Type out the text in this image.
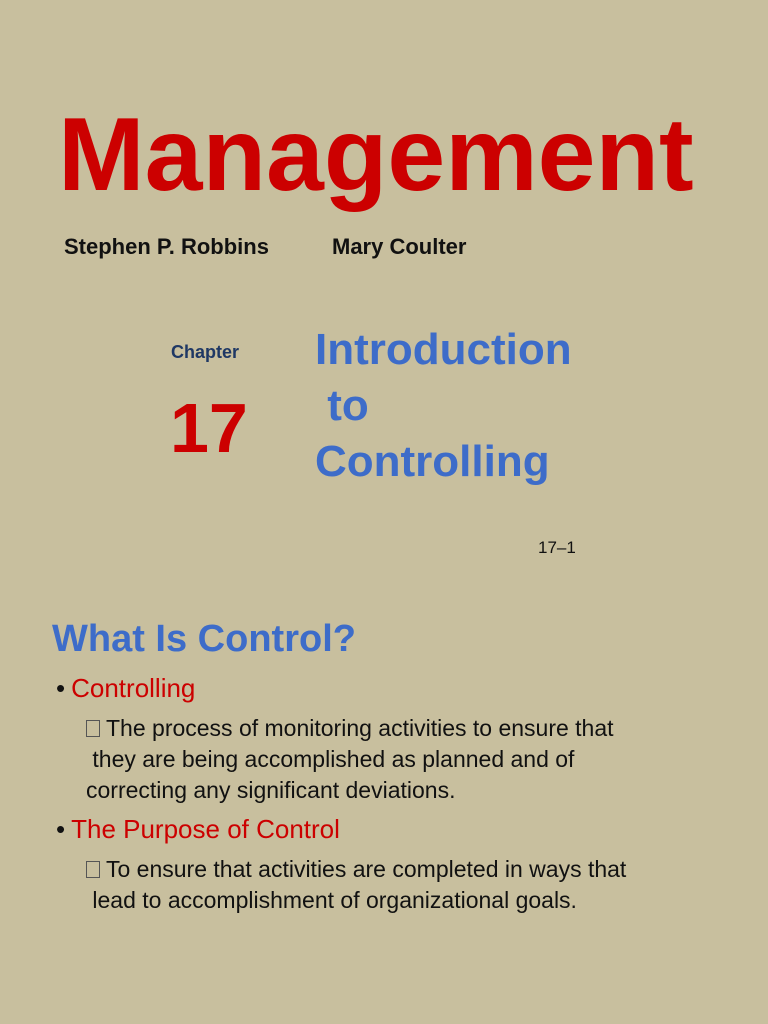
Management
Stephen P. Robbins	Mary Coulter
Chapter
17
Introduction
to
Controlling
17–1
What Is Control?
• Controlling
The process of monitoring activities to ensure that
they are being accomplished as planned and of
correcting any significant deviations.
• The Purpose of Control
To ensure that activities are completed in ways that
lead to accomplishment of organizational goals.
